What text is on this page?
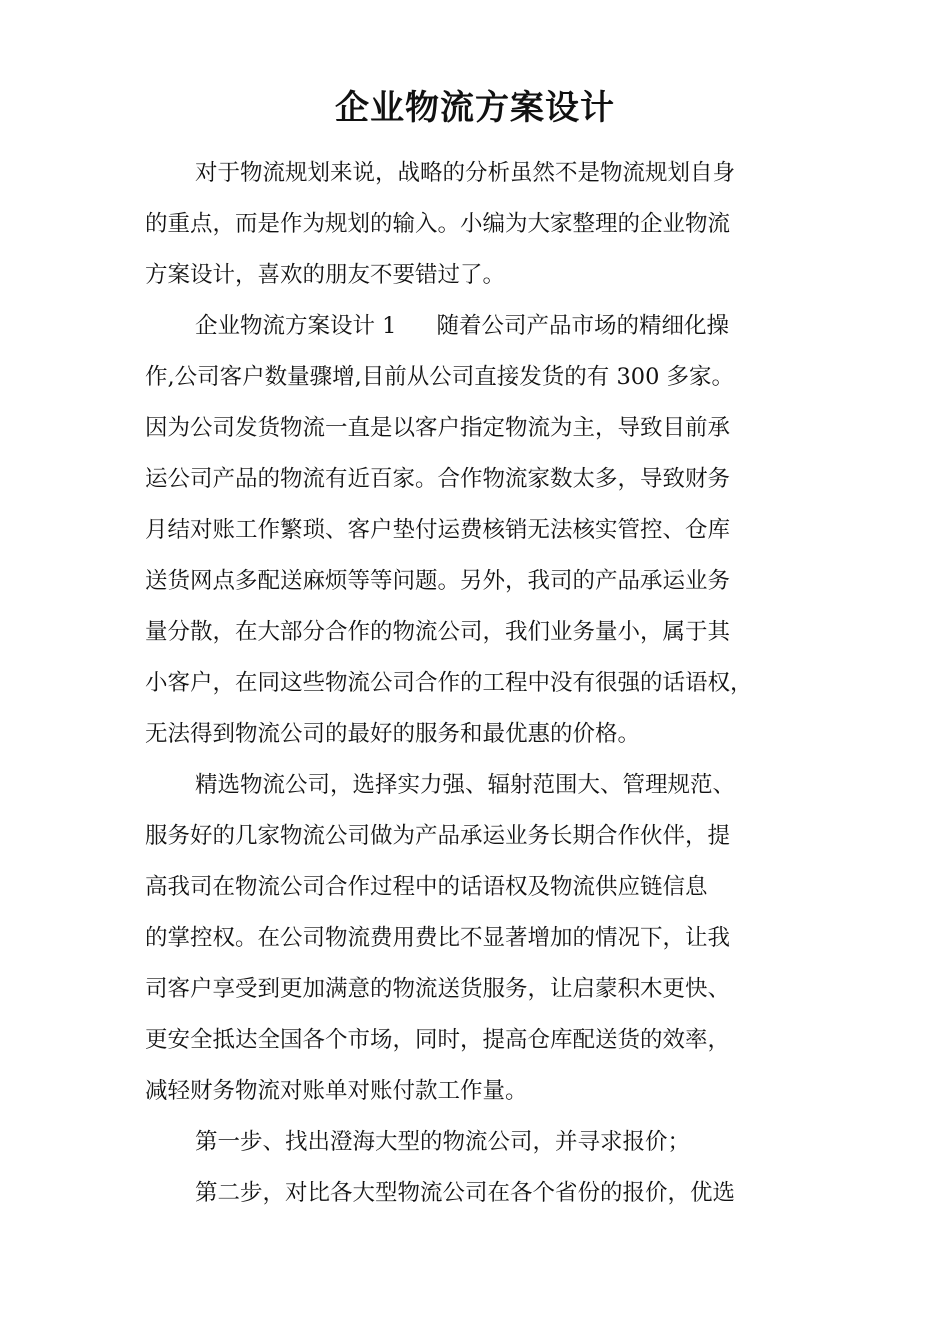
企业物流方案设计
对于物流规划来说，战略的分析虽然不是物流规划自身
的重点，而是作为规划的输入。小编为大家整理的企业物流
方案设计，喜欢的朋友不要错过了。
企业物流方案设计 1 随着公司产品市场的精细化操
作,公司客户数量骤增,目前从公司直接发货的有 300 多家。
因为公司发货物流一直是以客户指定物流为主，导致目前承
运公司产品的物流有近百家。合作物流家数太多，导致财务
月结对账工作繁琐、客户垫付运费核销无法核实管控、仓库
送货网点多配送麻烦等等问题。另外，我司的产品承运业务
量分散，在大部分合作的物流公司，我们业务量小，属于其
小客户，在同这些物流公司合作的工程中没有很强的话语权，
无法得到物流公司的最好的服务和最优惠的价格。
精选物流公司，选择实力强、辐射范围大、管理规范、
服务好的几家物流公司做为产品承运业务长期合作伙伴，提
高我司在物流公司合作过程中的话语权及物流供应链信息
的掌控权。在公司物流费用费比不显著增加的情况下，让我
司客户享受到更加满意的物流送货服务，让启蒙积木更快、
更安全抵达全国各个市场，同时，提高仓库配送货的效率，
减轻财务物流对账单对账付款工作量。
第一步、找出澄海大型的物流公司，并寻求报价；
第二步，对比各大型物流公司在各个省份的报价，优选
